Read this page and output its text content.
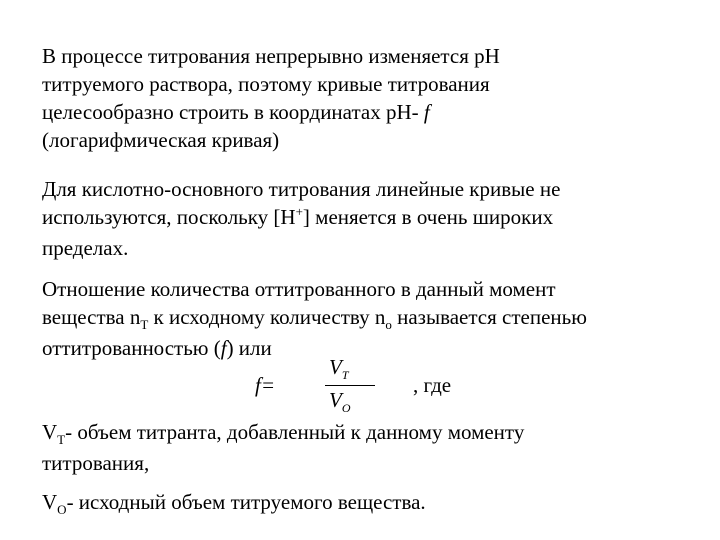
В процессе титрования непрерывно изменяется pH
титруемого раствора, поэтому кривые титрования
целесообразно строить в координатах pH- f
(логарифмическая кривая)

Для кислотно-основного титрования линейные кривые не
используются, поскольку [H+] меняется в очень широких
пределах.

Отношение количества оттитрованного в данный момент
вещества $n_T$ к исходному количеству $n_o$ называется степенью
оттитрованностью (f) или

f=
$V_T$
$V_O$
, где

$V_T-$ объем титранта, добавленный к данному моменту
титрования,

$V_O-$ исходный объем титруемого вещества.
